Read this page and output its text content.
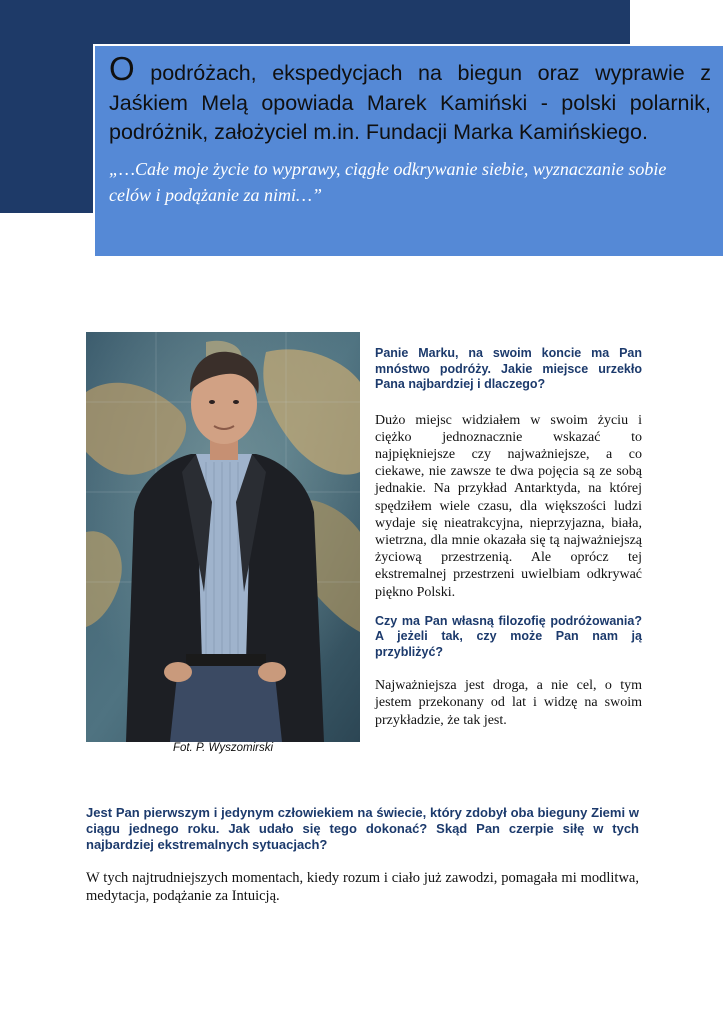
O podróżach, ekspedycjach na biegun oraz wyprawie z Jaśkiem Melą opowiada Marek Kamiński - polski polarnik, podróżnik, założyciel m.in. Fundacji Marka Kamińskiego.

„…Całe moje życie to wyprawy, ciągłe odkrywanie siebie, wyznaczanie sobie celów i podążanie za nimi…”

Fot. P. Wyszomirski

Panie Marku, na swoim koncie ma Pan mnóstwo podróży. Jakie miejsce urzekło Pana najbardziej i dlaczego?

Dużo miejsc widziałem w swoim życiu i ciężko jednoznacznie wskazać to najpiękniejsze czy najważniejsze, a co ciekawe, nie zawsze te dwa pojęcia są ze sobą jednakie. Na przykład Antarktyda, na której spędziłem wiele czasu, dla większości ludzi wydaje się nieatrakcyjna, nieprzyjazna, biała, wietrzna, dla mnie okazała się tą najważniejszą życiową przestrzenią. Ale oprócz tej ekstremalnej przestrzeni uwielbiam odkrywać piękno Polski.

Czy ma Pan własną filozofię podróżowania? A jeżeli tak, czy może Pan nam ją przybliżyć?

Najważniejsza jest droga, a nie cel, o tym jestem przekonany od lat i widzę na swoim przykładzie, że tak jest.

Jest Pan pierwszym i jedynym człowiekiem na świecie, który zdobył oba bieguny Ziemi w ciągu jednego roku. Jak udało się tego dokonać? Skąd Pan czerpie siłę w tych najbardziej ekstremalnych sytuacjach?

W tych najtrudniejszych momentach, kiedy rozum i ciało już zawodzi, pomagała mi modlitwa, medytacja, podążanie za Intuicją.
